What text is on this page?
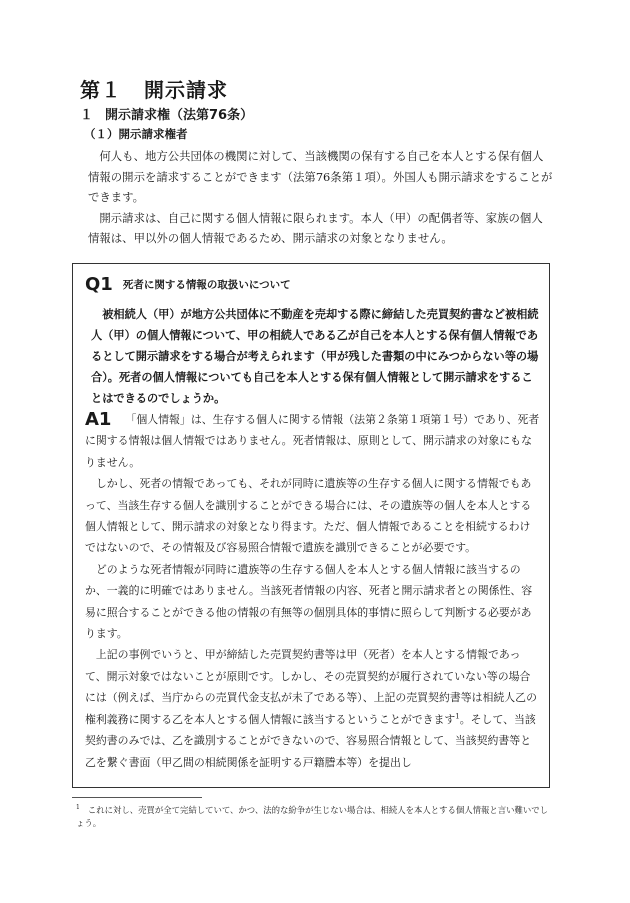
第１ 開示請求
１ 開示請求権（法第76条）
（１）開示請求権者

何人も、地方公共団体の機関に対して、当該機関の保有する自己を本人とする保有個人情報の開示を請求することができます（法第76条第１項）。外国人も開示請求をすることができます。

開示請求は、自己に関する個人情報に限られます。本人（甲）の配偶者等、家族の個人情報は、甲以外の個人情報であるため、開示請求の対象となりません。

Q1 死者に関する情報の取扱いについて

被相続人（甲）が地方公共団体に不動産を売却する際に締結した売買契約書など被相続人（甲）の個人情報について、甲の相続人である乙が自己を本人とする保有個人情報であるとして開示請求をする場合が考えられます（甲が残した書類の中にみつからない等の場合）。死者の個人情報についても自己を本人とする保有個人情報として開示請求をすることはできるのでしょうか。

A1 「個人情報」は、生存する個人に関する情報（法第２条第１項第１号）であり、死者に関する情報は個人情報ではありません。死者情報は、原則として、開示請求の対象にもなりません。

しかし、死者の情報であっても、それが同時に遺族等の生存する個人に関する情報でもあって、当該生存する個人を識別することができる場合には、その遺族等の個人を本人とする個人情報として、開示請求の対象となり得ます。ただ、個人情報であることを相続するわけではないので、その情報及び容易照合情報で遺族を識別できることが必要です。

どのような死者情報が同時に遺族等の生存する個人を本人とする個人情報に該当するのか、一義的に明確ではありません。当該死者情報の内容、死者と開示請求者との関係性、容易に照合することができる他の情報の有無等の個別具体的事情に照らして判断する必要があります。

上記の事例でいうと、甲が締結した売買契約書等は甲（死者）を本人とする情報であって、開示対象ではないことが原則です。しかし、その売買契約が履行されていない等の場合には（例えば、当庁からの売買代金支払が未了である等）、上記の売買契約書等は相続人乙の権利義務に関する乙を本人とする個人情報に該当するということができます$^1$。そして、当該契約書のみでは、乙を識別することができないので、容易照合情報として、当該契約書等と乙を繋ぐ書面（甲乙間の相続関係を証明する戸籍謄本等）を提出し

$^1$ これに対し、売買が全て完結していて、かつ、法的な紛争が生じない場合は、相続人を本人とする個人情報と言い難いでしょう。
